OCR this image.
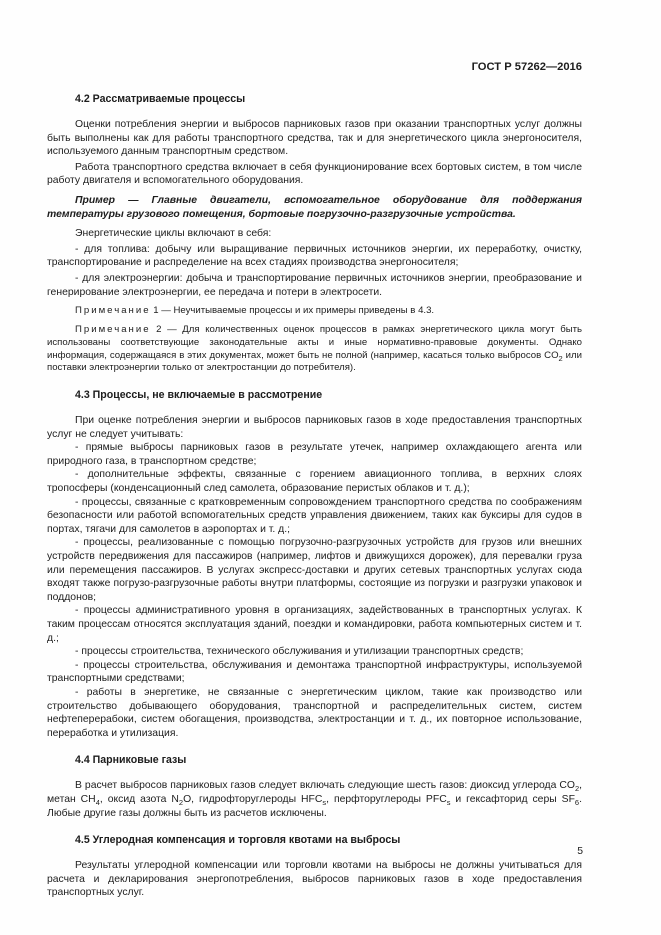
ГОСТ Р 57262—2016
4.2 Рассматриваемые процессы

Оценки потребления энергии и выбросов парниковых газов при оказании транспортных услуг должны быть выполнены как для работы транспортного средства, так и для энергетического цикла энергоносителя, используемого данным транспортным средством.

Работа транспортного средства включает в себя функционирование всех бортовых систем, в том числе работу двигателя и вспомогательного оборудования.

Пример — Главные двигатели, вспомогательное оборудование для поддержания температуры грузового помещения, бортовые погрузочно-разгрузочные устройства.

Энергетические циклы включают в себя:

- для топлива: добычу или выращивание первичных источников энергии, их переработку, очистку, транспортирование и распределение на всех стадиях производства энергоносителя;

- для электроэнергии: добыча и транспортирование первичных источников энергии, преобразование и генерирование электроэнергии, ее передача и потери в электросети.

Примечание 1 — Неучитываемые процессы и их примеры приведены в 4.3.

Примечание 2 — Для количественных оценок процессов в рамках энергетического цикла могут быть использованы соответствующие законодательные акты и иные нормативно-правовые документы. Однако информация, содержащаяся в этих документах, может быть не полной (например, касаться только выбросов $CO_2$ или поставки электроэнергии только от электростанции до потребителя).

4.3 Процессы, не включаемые в рассмотрение

При оценке потребления энергии и выбросов парниковых газов в ходе предоставления транспортных услуг не следует учитывать:

- прямые выбросы парниковых газов в результате утечек, например охлаждающего агента или природного газа, в транспортном средстве;

- дополнительные эффекты, связанные с горением авиационного топлива, в верхних слоях тропосферы (конденсационный след самолета, образование перистых облаков и т. д.);

- процессы, связанные с кратковременным сопровождением транспортного средства по соображениям безопасности или работой вспомогательных средств управления движением, таких как буксиры для судов в портах, тягачи для самолетов в аэропортах и т. д.;

- процессы, реализованные с помощью погрузочно-разгрузочных устройств для грузов или внешних устройств передвижения для пассажиров (например, лифтов и движущихся дорожек), для перевалки груза или перемещения пассажиров. В услугах экспресс-доставки и других сетевых транспортных услугах сюда входят также погрузо-разгрузочные работы внутри платформы, состоящие из погрузки и разгрузки упаковок и поддонов;

- процессы административного уровня в организациях, задействованных в транспортных услугах. К таким процессам относятся эксплуатация зданий, поездки и командировки, работа компьютерных систем и т. д.;

- процессы строительства, технического обслуживания и утилизации транспортных средств;

- процессы строительства, обслуживания и демонтажа транспортной инфраструктуры, используемой транспортными средствами;

- работы в энергетике, не связанные с энергетическим циклом, такие как производство или строительство добывающего оборудования, транспортной и распределительных систем, систем нефтеперерабоки, систем обогащения, производства, электростанции и т. д., их повторное использование, переработка и утилизация.

4.4 Парниковые газы

В расчет выбросов парниковых газов следует включать следующие шесть газов: диоксид углерода $CO_2$, метан $CH_4$, оксид азота $N_2O$, гидрофторуглероды $HFC_s$, перфторуглероды $PFC_s$ и гексафторид серы $SF_6$. Любые другие газы должны быть из расчетов исключены.

4.5 Углеродная компенсация и торговля квотами на выбросы

Результаты углеродной компенсации или торговли квотами на выбросы не должны учитываться для расчета и декларирования энергопотребления, выбросов парниковых газов в ходе предоставления транспортных услуг.

5
